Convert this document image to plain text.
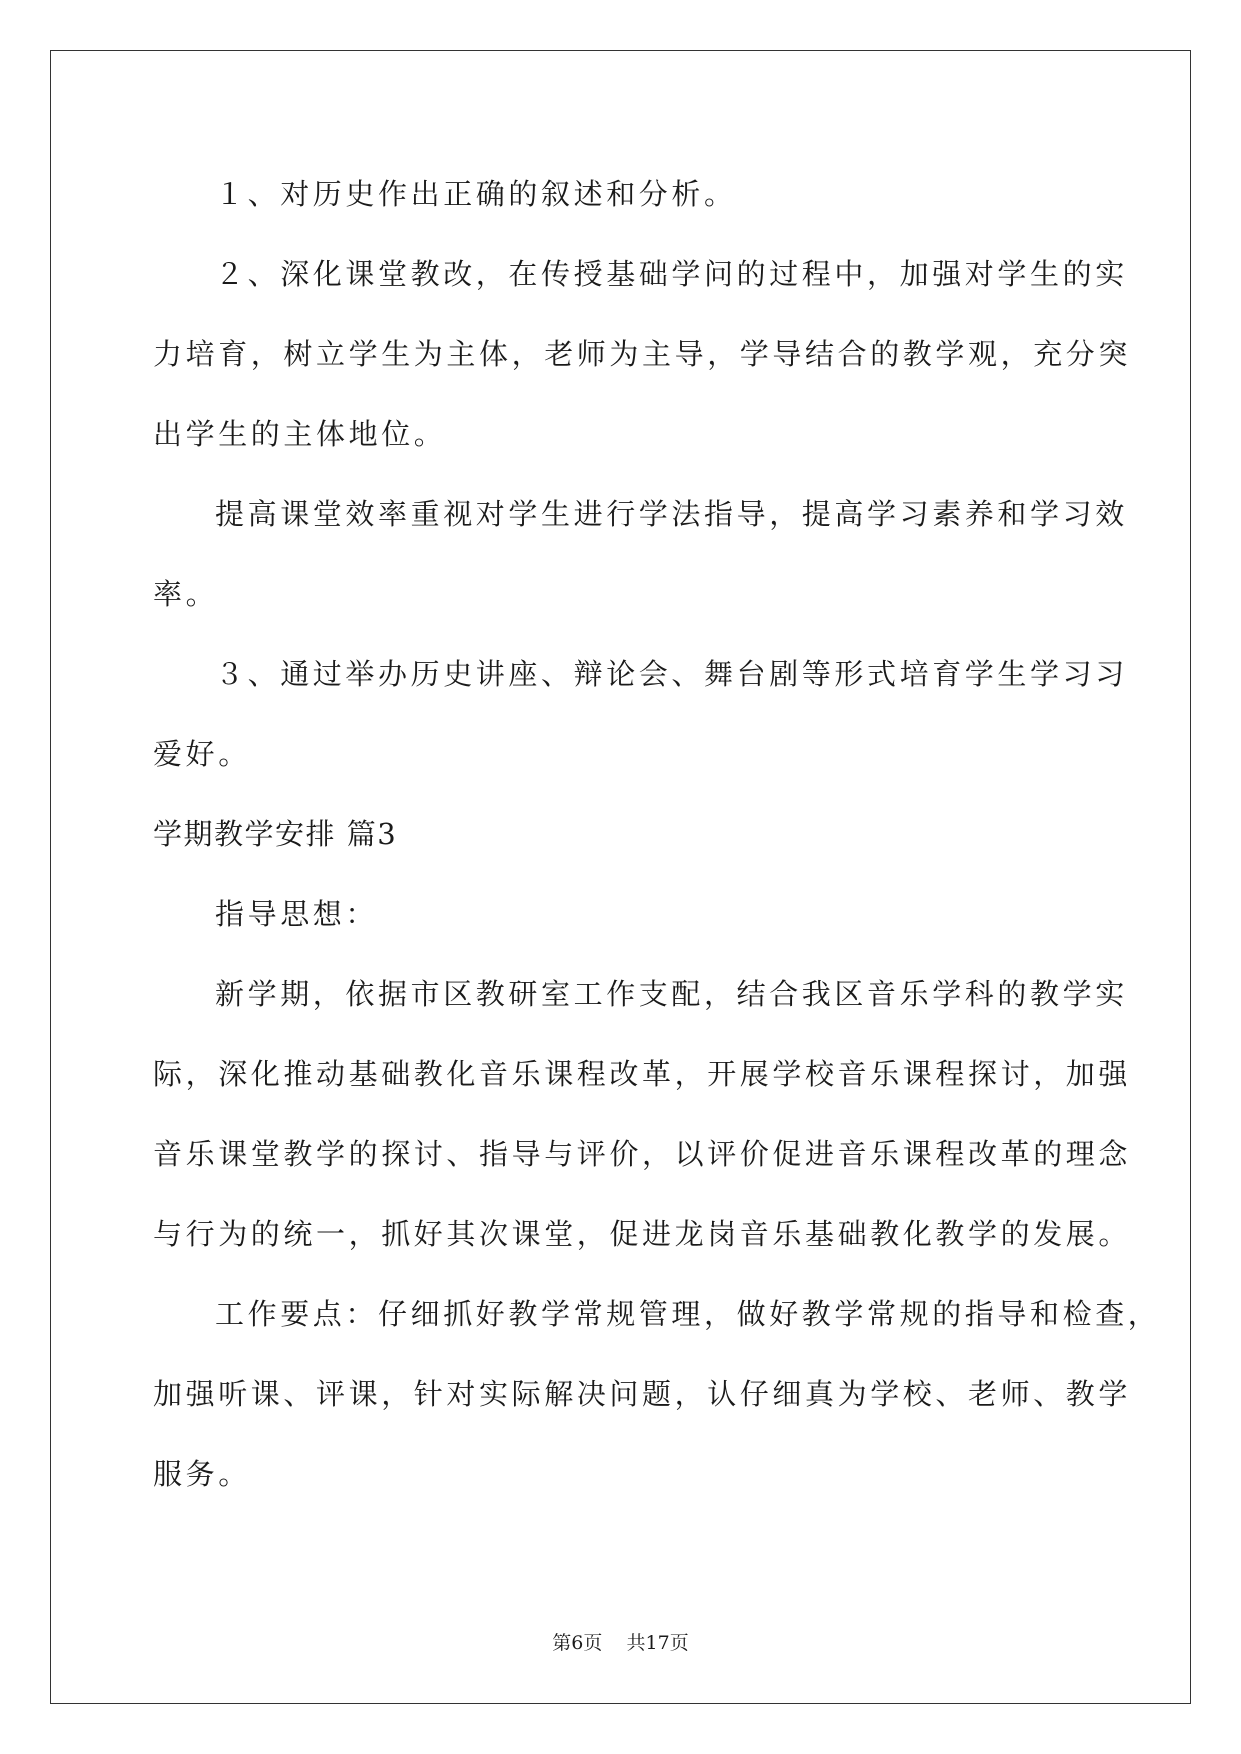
１、对历史作出正确的叙述和分析。
２、深化课堂教改，在传授基础学问的过程中，加强对学生的实
力培育，树立学生为主体，老师为主导，学导结合的教学观，充分突
出学生的主体地位。
提高课堂效率重视对学生进行学法指导，提高学习素养和学习效
率。
３、通过举办历史讲座、辩论会、舞台剧等形式培育学生学习习
爱好。
学期教学安排 篇3
指导思想：
新学期，依据市区教研室工作支配，结合我区音乐学科的教学实
际，深化推动基础教化音乐课程改革，开展学校音乐课程探讨，加强
音乐课堂教学的探讨、指导与评价，以评价促进音乐课程改革的理念
与行为的统一，抓好其次课堂，促进龙岗音乐基础教化教学的发展。
工作要点：仔细抓好教学常规管理，做好教学常规的指导和检查，
加强听课、评课，针对实际解决问题，认仔细真为学校、老师、教学
服务。
第6页    共17页
